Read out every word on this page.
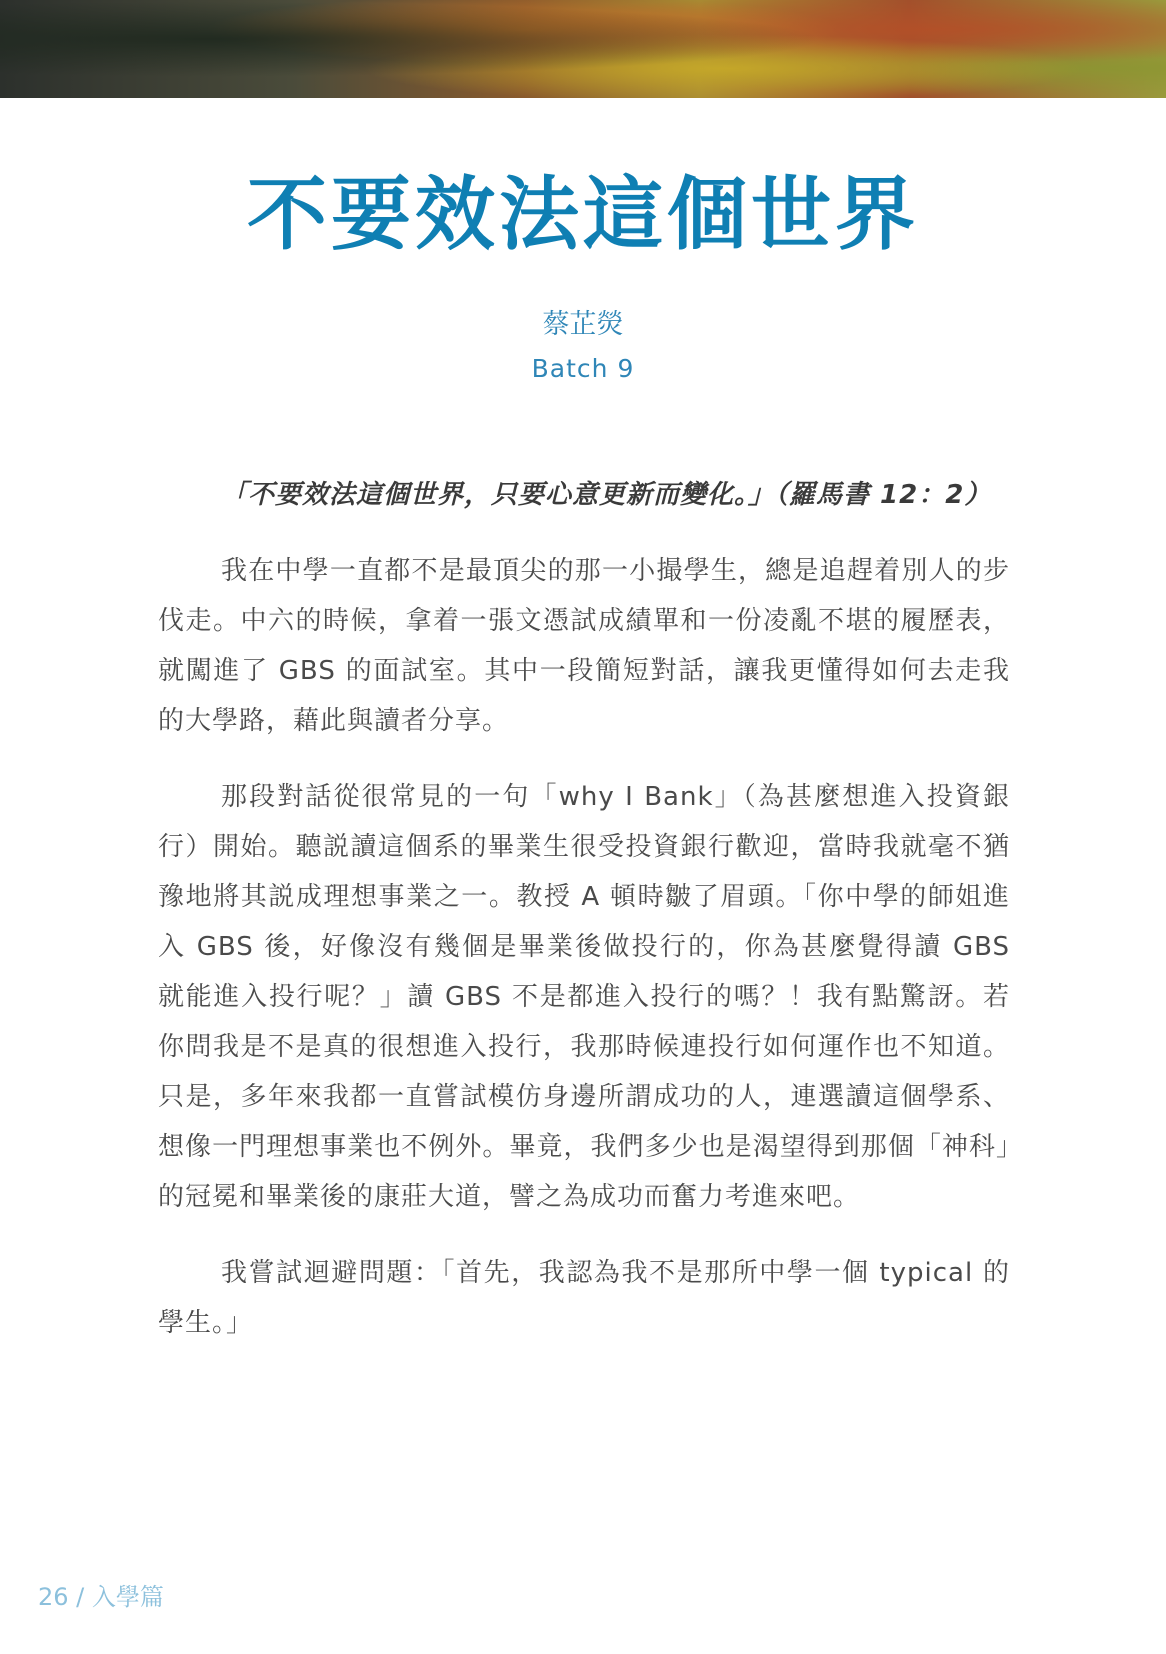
不要效法這個世界

蔡芷熒

Batch 9

「不要效法這個世界，只要心意更新而變化。」（羅馬書 12：2）

我在中學一直都不是最頂尖的那一小撮學生，總是追趕着別人的步伐走。中六的時候，拿着一張文憑試成績單和一份凌亂不堪的履歷表，就闖進了 GBS 的面試室。其中一段簡短對話，讓我更懂得如何去走我的大學路，藉此與讀者分享。

那段對話從很常見的一句「why I Bank」（為甚麼想進入投資銀行）開始。聽説讀這個系的畢業生很受投資銀行歡迎，當時我就毫不猶豫地將其説成理想事業之一。教授 A 頓時皺了眉頭。「你中學的師姐進入 GBS 後，好像沒有幾個是畢業後做投行的，你為甚麼覺得讀 GBS 就能進入投行呢？」讀 GBS 不是都進入投行的嗎？！我有點驚訝。若你問我是不是真的很想進入投行，我那時候連投行如何運作也不知道。只是，多年來我都一直嘗試模仿身邊所謂成功的人，連選讀這個學系、想像一門理想事業也不例外。畢竟，我們多少也是渴望得到那個「神科」的冠冕和畢業後的康莊大道，譬之為成功而奮力考進來吧。

我嘗試迴避問題：「首先，我認為我不是那所中學一個 typical 的學生。」

26 / 入學篇
